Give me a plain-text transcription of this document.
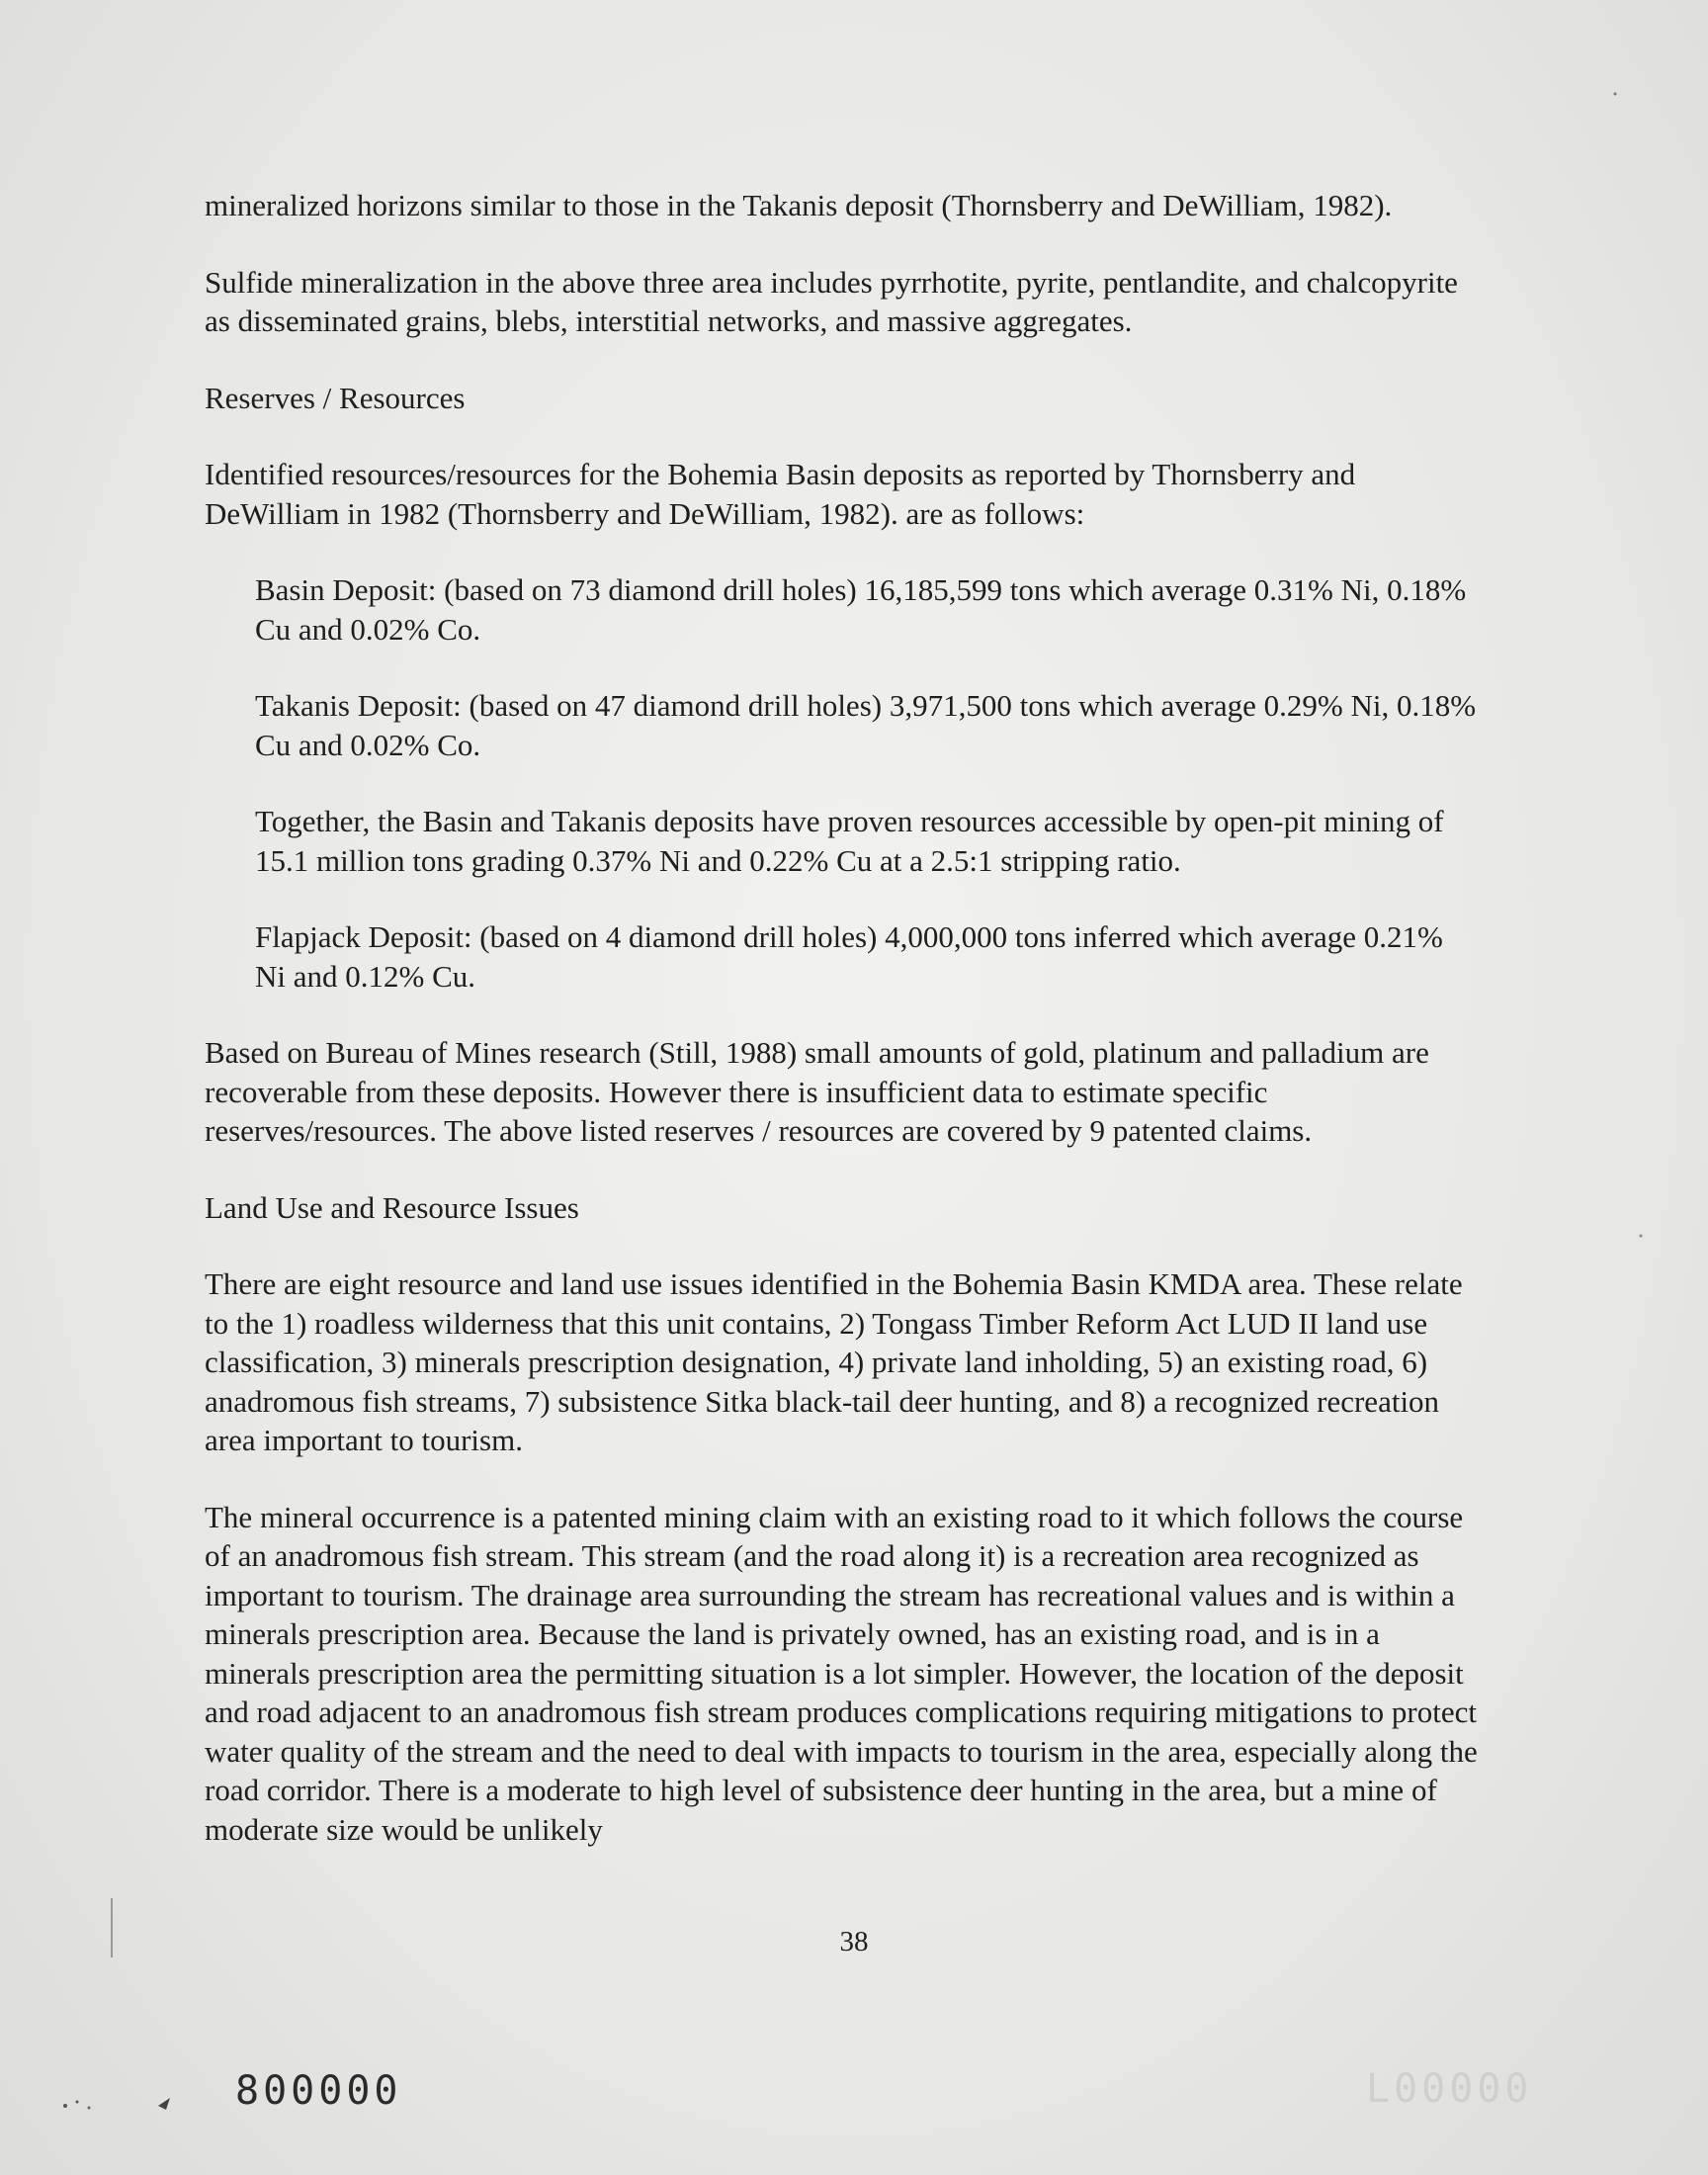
mineralized horizons similar to those in the Takanis deposit (Thornsberry and DeWilliam, 1982).

Sulfide mineralization in the above three area includes pyrrhotite, pyrite, pentlandite, and chalcopyrite as disseminated grains, blebs, interstitial networks, and massive aggregates.

Reserves / Resources

Identified resources/resources for the Bohemia Basin deposits as reported by Thornsberry and DeWilliam in 1982 (Thornsberry and DeWilliam, 1982). are as follows:

Basin Deposit: (based on 73 diamond drill holes) 16,185,599 tons which average 0.31% Ni, 0.18% Cu and 0.02% Co.

Takanis Deposit: (based on 47 diamond drill holes) 3,971,500 tons which average 0.29% Ni, 0.18% Cu and 0.02% Co.

Together, the Basin and Takanis deposits have proven resources accessible by open-pit mining of 15.1 million tons grading 0.37% Ni and 0.22% Cu at a 2.5:1 stripping ratio.

Flapjack Deposit: (based on 4 diamond drill holes) 4,000,000 tons inferred which average 0.21% Ni and 0.12% Cu.

Based on Bureau of Mines research (Still, 1988) small amounts of gold, platinum and palladium are recoverable from these deposits. However there is insufficient data to estimate specific reserves/resources. The above listed reserves / resources are covered by 9 patented claims.

Land Use and Resource Issues

There are eight resource and land use issues identified in the Bohemia Basin KMDA area. These relate to the 1) roadless wilderness that this unit contains, 2) Tongass Timber Reform Act LUD II land use classification, 3) minerals prescription designation, 4) private land inholding, 5) an existing road, 6) anadromous fish streams, 7) subsistence Sitka black-tail deer hunting, and 8) a recognized recreation area important to tourism.

The mineral occurrence is a patented mining claim with an existing road to it which follows the course of an anadromous fish stream. This stream (and the road along it) is a recreation area recognized as important to tourism. The drainage area surrounding the stream has recreational values and is within a minerals prescription area. Because the land is privately owned, has an existing road, and is in a minerals prescription area the permitting situation is a lot simpler. However, the location of the deposit and road adjacent to an anadromous fish stream produces complications requiring mitigations to protect water quality of the stream and the need to deal with impacts to tourism in the area, especially along the road corridor. There is a moderate to high level of subsistence deer hunting in the area, but a mine of moderate size would be unlikely

38
800000	L00000
